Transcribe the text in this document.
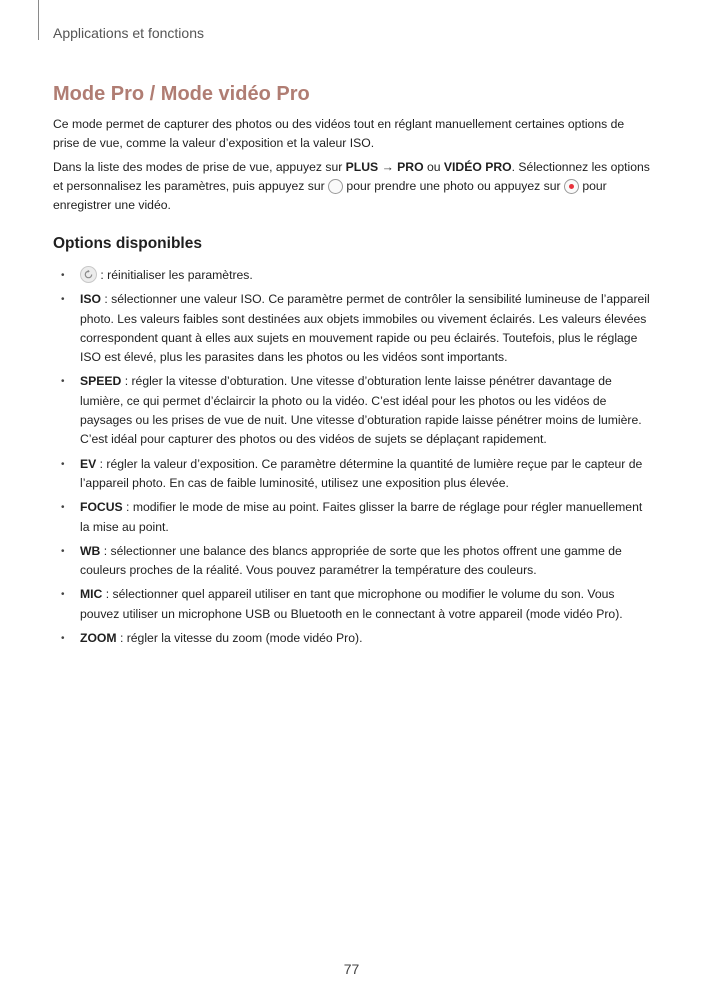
Applications et fonctions
Mode Pro / Mode vidéo Pro

Ce mode permet de capturer des photos ou des vidéos tout en réglant manuellement certaines options de prise de vue, comme la valeur d’exposition et la valeur ISO.

Dans la liste des modes de prise de vue, appuyez sur PLUS → PRO ou VIDÉO PRO. Sélectionnez les options et personnalisez les paramètres, puis appuyez sur  pour prendre une photo ou appuyez sur  pour enregistrer une vidéo.

Options disponibles
•	: réinitialiser les paramètres.
• ISO : sélectionner une valeur ISO. Ce paramètre permet de contrôler la sensibilité lumineuse de l’appareil photo. Les valeurs faibles sont destinées aux objets immobiles ou vivement éclairés. Les valeurs élevées correspondent quant à elles aux sujets en mouvement rapide ou peu éclairés. Toutefois, plus le réglage ISO est élevé, plus les parasites dans les photos ou les vidéos sont importants.
• SPEED : régler la vitesse d’obturation. Une vitesse d’obturation lente laisse pénétrer davantage de lumière, ce qui permet d’éclaircir la photo ou la vidéo. C’est idéal pour les photos ou les vidéos de paysages ou les prises de vue de nuit. Une vitesse d’obturation rapide laisse pénétrer moins de lumière. C’est idéal pour capturer des photos ou des vidéos de sujets se déplaçant rapidement.
• EV : régler la valeur d’exposition. Ce paramètre détermine la quantité de lumière reçue par le capteur de l’appareil photo. En cas de faible luminosité, utilisez une exposition plus élevée.
• FOCUS : modifier le mode de mise au point. Faites glisser la barre de réglage pour régler manuellement la mise au point.
• WB : sélectionner une balance des blancs appropriée de sorte que les photos offrent une gamme de couleurs proches de la réalité. Vous pouvez paramétrer la température des couleurs.
• MIC : sélectionner quel appareil utiliser en tant que microphone ou modifier le volume du son. Vous pouvez utiliser un microphone USB ou Bluetooth en le connectant à votre appareil (mode vidéo Pro).
• ZOOM : régler la vitesse du zoom (mode vidéo Pro).
77
